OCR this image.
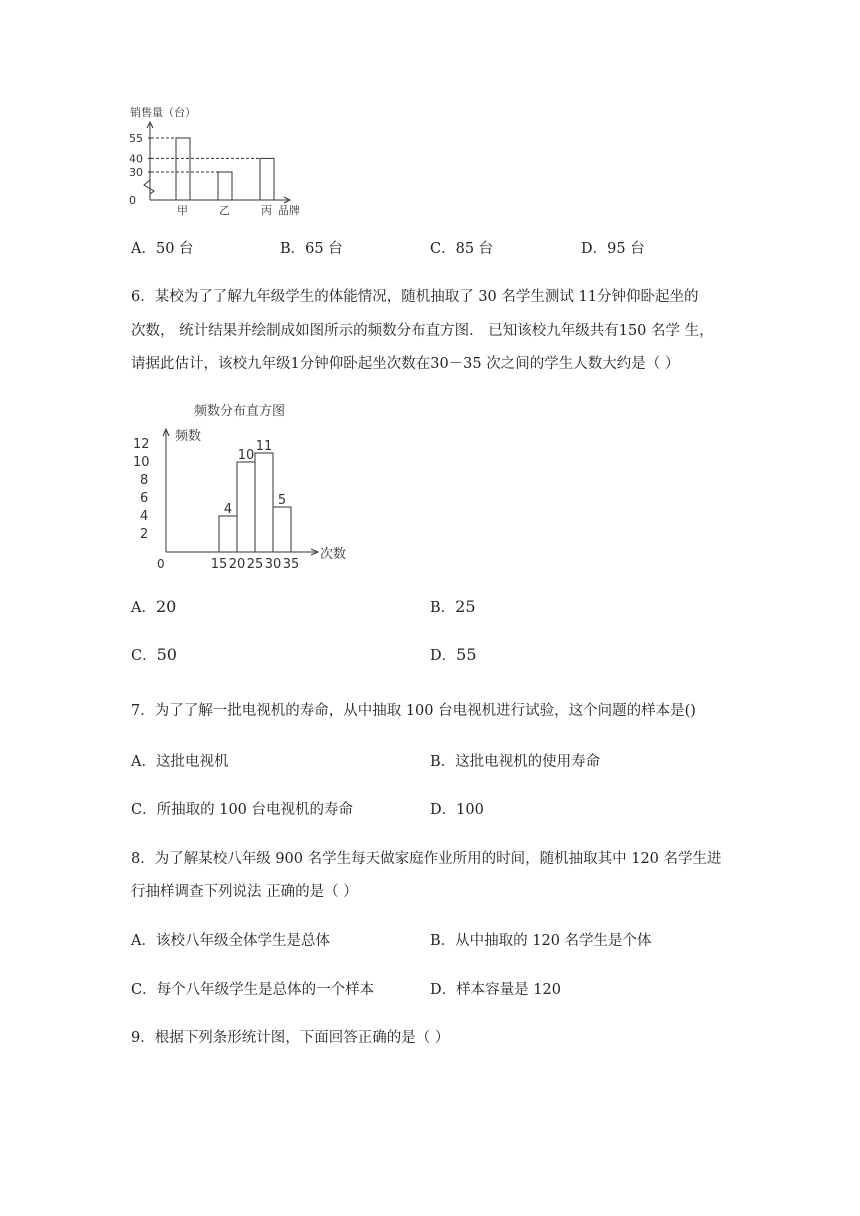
销售量（台）
55
40
30
0
甲	乙	丙 品牌
A．50 台	B．65 台	C．85 台	D．95 台
6．某校为了了解九年级学生的体能情况，随机抽取了 30 名学生测试 11分钟仰卧起坐的
次数， 统计结果并绘制成如图所示的频数分布直方图． 已知该校九年级共有150 名学 生，
请据此估计，该校九年级1分钟仰卧起坐次数在30－35 次之间的学生人数大约是（ ）
频数分布直方图
频数
0
次数
12
10
8
6
4
2
4
10
11
5
15 20 25 30 35
A．20	B．25
C．50	D．55
7．为了了解一批电视机的寿命，从中抽取 100 台电视机进行试验，这个问题的样本是()
A．这批电视机	B．这批电视机的使用寿命
C．所抽取的 100 台电视机的寿命	D．100
8．为了解某校八年级 900 名学生每天做家庭作业所用的时间，随机抽取其中 120 名学生进
行抽样调查下列说法 正确的是（ ）
A．该校八年级全体学生是总体	B．从中抽取的 120 名学生是个体
C．每个八年级学生是总体的一个样本	D．样本容量是 120
9．根据下列条形统计图，下面回答正确的是（ ）
